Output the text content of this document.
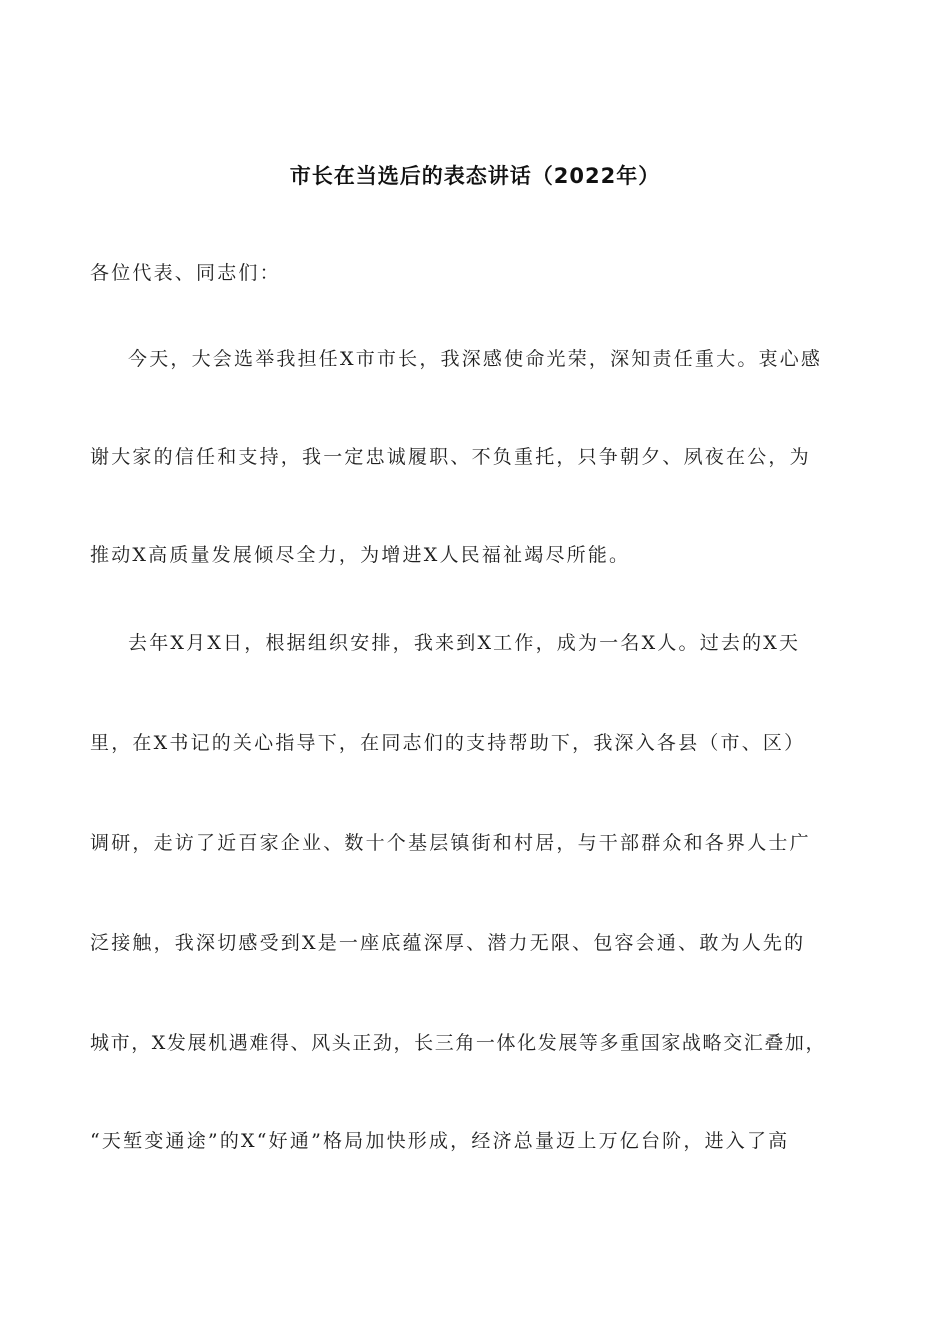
市长在当选后的表态讲话（2022年）
各位代表、同志们：
今天，大会选举我担任X市市长，我深感使命光荣，深知责任重大。衷心感
谢大家的信任和支持，我一定忠诚履职、不负重托，只争朝夕、夙夜在公，为
推动X高质量发展倾尽全力，为增进X人民福祉竭尽所能。
去年X月X日，根据组织安排，我来到X工作，成为一名X人。过去的X天
里，在X书记的关心指导下，在同志们的支持帮助下，我深入各县（市、区）
调研，走访了近百家企业、数十个基层镇街和村居，与干部群众和各界人士广
泛接触，我深切感受到X是一座底蕴深厚、潜力无限、包容会通、敢为人先的
城市，X发展机遇难得、风头正劲，长三角一体化发展等多重国家战略交汇叠加，
“天堑变通途”的X“好通”格局加快形成，经济总量迈上万亿台阶，进入了高
